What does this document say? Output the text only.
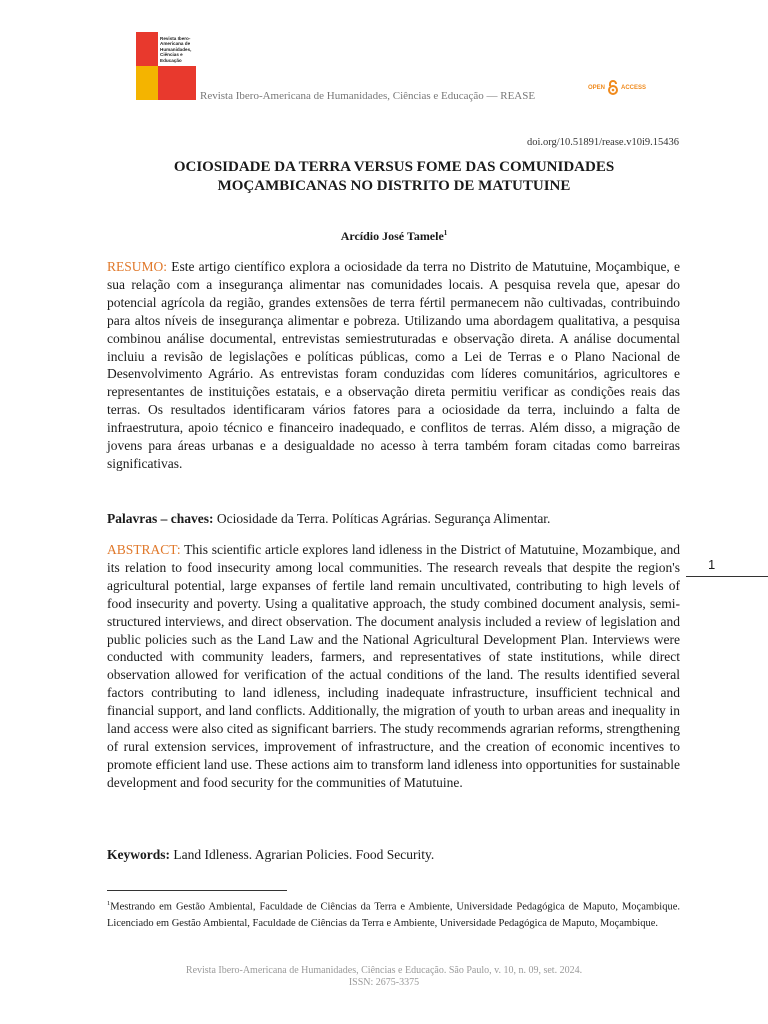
Revista Ibero-Americana de Humanidades, Ciências e Educação
Revista Ibero-Americana de Humanidades, Ciências e Educação — REASE
OPEN	ACCESS
doi.org/10.51891/rease.v10i9.15436
OCIOSIDADE DA TERRA VERSUS FOME DAS COMUNIDADES
MOÇAMBICANAS NO DISTRITO DE MATUTUINE
Arcídio José Tamele$^1$
RESUMO: Este artigo científico explora a ociosidade da terra no Distrito de Matutuine, Moçambique, e sua relação com a insegurança alimentar nas comunidades locais. A pesquisa revela que, apesar do potencial agrícola da região, grandes extensões de terra fértil permanecem não cultivadas, contribuindo para altos níveis de insegurança alimentar e pobreza. Utilizando uma abordagem qualitativa, a pesquisa combinou análise documental, entrevistas semiestruturadas e observação direta. A análise documental incluiu a revisão de legislações e políticas públicas, como a Lei de Terras e o Plano Nacional de Desenvolvimento Agrário. As entrevistas foram conduzidas com líderes comunitários, agricultores e representantes de instituições estatais, e a observação direta permitiu verificar as condições reais das terras. Os resultados identificaram vários fatores para a ociosidade da terra, incluindo a falta de infraestrutura, apoio técnico e financeiro inadequado, e conflitos de terras. Além disso, a migração de jovens para áreas urbanas e a desigualdade no acesso à terra também foram citadas como barreiras significativas.
Palavras – chaves: Ociosidade da Terra. Políticas Agrárias. Segurança Alimentar.
ABSTRACT: This scientific article explores land idleness in the District of Matutuine, Mozambique, and its relation to food insecurity among local communities. The research reveals that despite the region's agricultural potential, large expanses of fertile land remain uncultivated, contributing to high levels of food insecurity and poverty. Using a qualitative approach, the study combined document analysis, semi-structured interviews, and direct observation. The document analysis included a review of legislation and public policies such as the Land Law and the National Agricultural Development Plan. Interviews were conducted with community leaders, farmers, and representatives of state institutions, while direct observation allowed for verification of the actual conditions of the land. The results identified several factors contributing to land idleness, including inadequate infrastructure, insufficient technical and financial support, and land conflicts. Additionally, the migration of youth to urban areas and inequality in land access were also cited as significant barriers. The study recommends agrarian reforms, strengthening of rural extension services, improvement of infrastructure, and the creation of economic incentives to promote efficient land use. These actions aim to transform land idleness into opportunities for sustainable development and food security for the communities of Matutuine.
Keywords: Land Idleness. Agrarian Policies. Food Security.
1
$^1$Mestrando em Gestão Ambiental, Faculdade de Ciências da Terra e Ambiente, Universidade Pedagógica de Maputo, Moçambique. Licenciado em Gestão Ambiental, Faculdade de Ciências da Terra e Ambiente, Universidade Pedagógica de Maputo, Moçambique.
Revista Ibero-Americana de Humanidades, Ciências e Educação. São Paulo, v. 10, n. 09, set. 2024.
ISSN: 2675-3375
